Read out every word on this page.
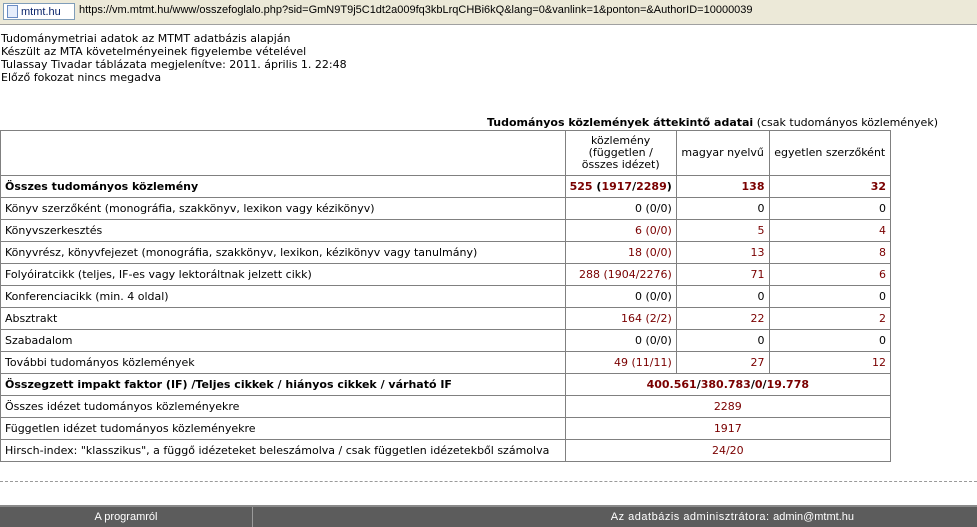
mtmt.hu https://vm.mtmt.hu/www/osszefoglalo.php?sid=GmN9T9j5C1dt2a009fq3kbLrqCHBi6kQ&lang=0&vanlink=1&ponton=&AuthorID=10000039
Tudománymetriai adatok az MTMT adatbázis alapján
Készült az MTA követelményeinek figyelembe vételével
Tulassay Tivadar táblázata megjelenítve: 2011. április 1. 22:48
Előző fokozat nincs megadva
Tudományos közlemények áttekintő adatai (csak tudományos közlemények)
	közlemény
(független /
összes idézet)	magyar nyelvű	egyetlen szerzőként
Összes tudományos közlemény	525 (1917/2289)	138	32
Könyv szerzőként (monográfia, szakkönyv, lexikon vagy kézikönyv)	0 (0/0)	0	0
Könyvszerkesztés	6 (0/0)	5	4
Könyvrész, könyvfejezet (monográfia, szakkönyv, lexikon, kézikönyv vagy tanulmány)	18 (0/0)	13	8
Folyóiratcikk (teljes, IF-es vagy lektoráltnak jelzett cikk)	288 (1904/2276)	71	6
Konferenciacikk (min. 4 oldal)	0 (0/0)	0	0
Absztrakt	164 (2/2)	22	2
Szabadalom	0 (0/0)	0	0
További tudományos közlemények	49 (11/11)	27	12
Összegzett impakt faktor (IF) /Teljes cikkek / hiányos cikkek / várható IF	400.561/380.783/0/19.778		
Összes idézet tudományos közleményekre	2289		
Független idézet tudományos közleményekre	1917		
Hirsch-index: "klasszikus", a függő idézeteket beleszámolva / csak független idézetekből számolva	24/20		
A programról	Az adatbázis adminisztrátora: admin@mtmt.hu
